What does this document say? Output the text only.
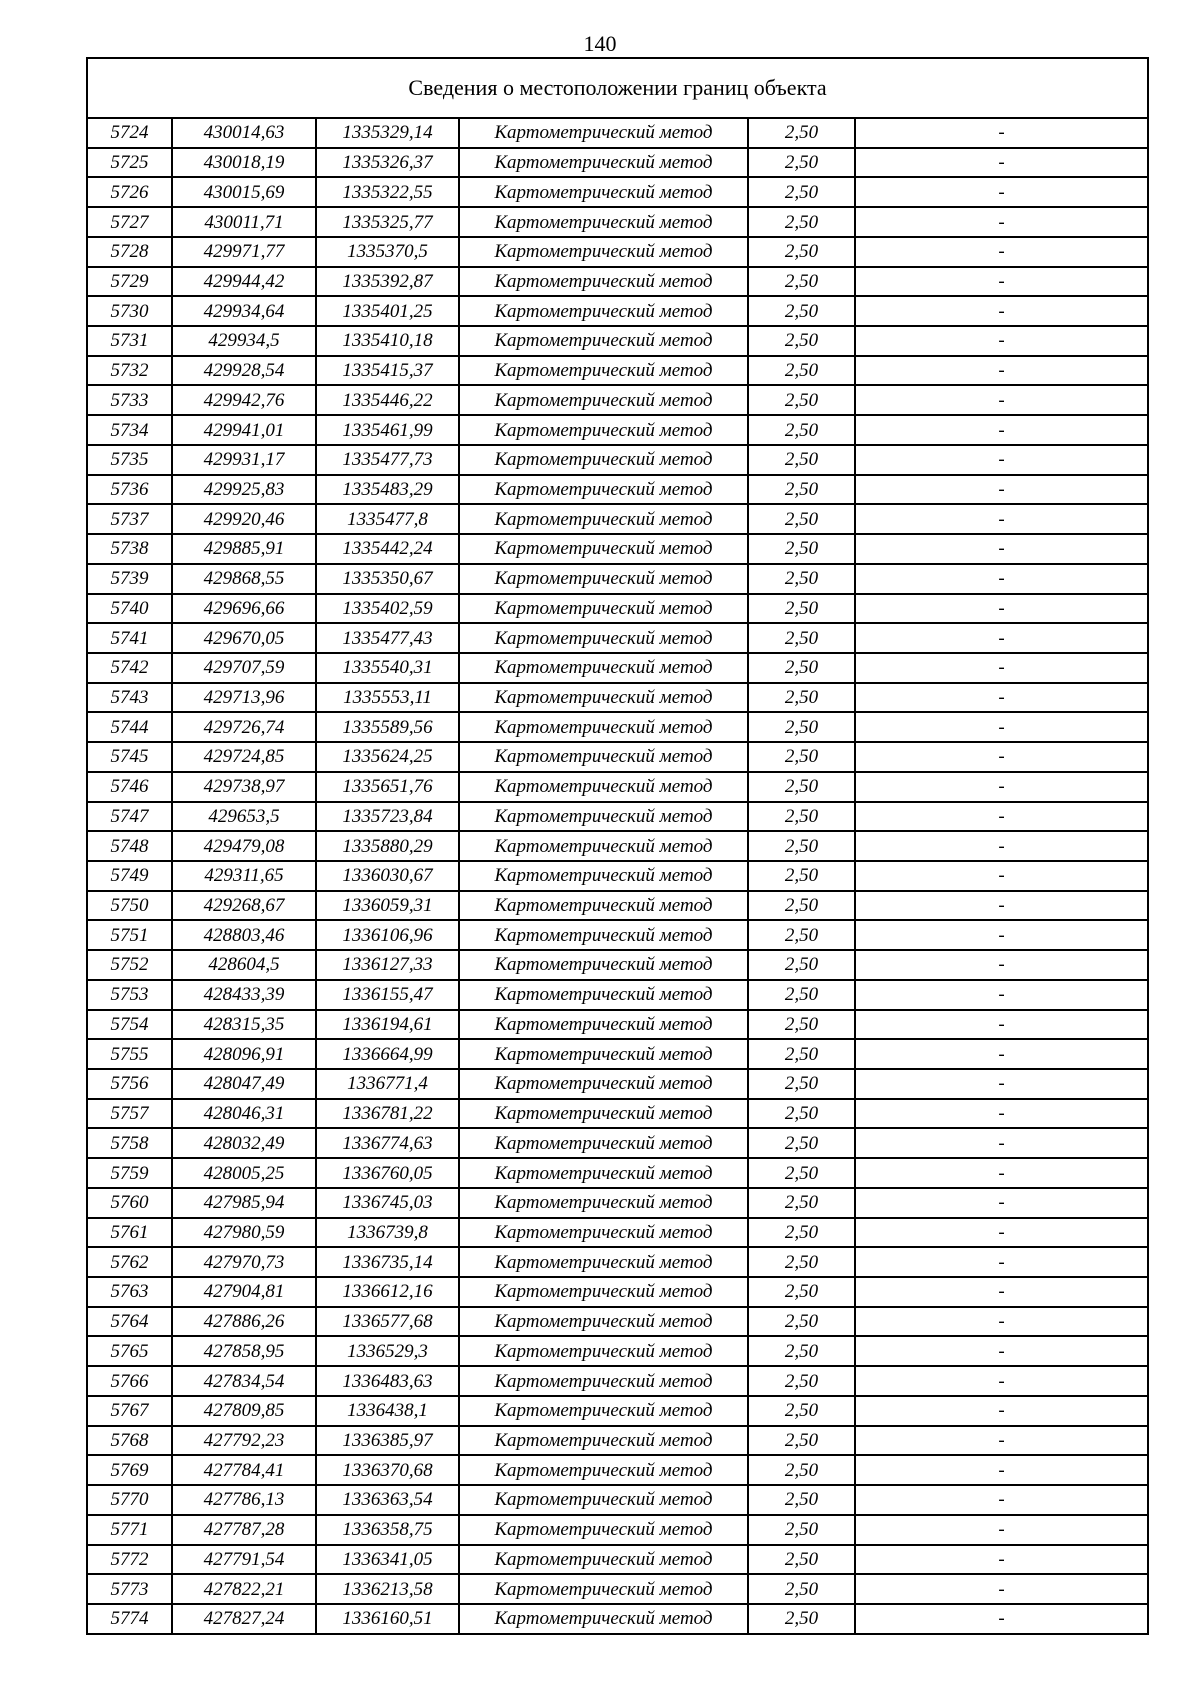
140
Сведения о местоположении границ объекта					
5724	430014,63	1335329,14	Картометрический метод	2,50	-
5725	430018,19	1335326,37	Картометрический метод	2,50	-
5726	430015,69	1335322,55	Картометрический метод	2,50	-
5727	430011,71	1335325,77	Картометрический метод	2,50	-
5728	429971,77	1335370,5	Картометрический метод	2,50	-
5729	429944,42	1335392,87	Картометрический метод	2,50	-
5730	429934,64	1335401,25	Картометрический метод	2,50	-
5731	429934,5	1335410,18	Картометрический метод	2,50	-
5732	429928,54	1335415,37	Картометрический метод	2,50	-
5733	429942,76	1335446,22	Картометрический метод	2,50	-
5734	429941,01	1335461,99	Картометрический метод	2,50	-
5735	429931,17	1335477,73	Картометрический метод	2,50	-
5736	429925,83	1335483,29	Картометрический метод	2,50	-
5737	429920,46	1335477,8	Картометрический метод	2,50	-
5738	429885,91	1335442,24	Картометрический метод	2,50	-
5739	429868,55	1335350,67	Картометрический метод	2,50	-
5740	429696,66	1335402,59	Картометрический метод	2,50	-
5741	429670,05	1335477,43	Картометрический метод	2,50	-
5742	429707,59	1335540,31	Картометрический метод	2,50	-
5743	429713,96	1335553,11	Картометрический метод	2,50	-
5744	429726,74	1335589,56	Картометрический метод	2,50	-
5745	429724,85	1335624,25	Картометрический метод	2,50	-
5746	429738,97	1335651,76	Картометрический метод	2,50	-
5747	429653,5	1335723,84	Картометрический метод	2,50	-
5748	429479,08	1335880,29	Картометрический метод	2,50	-
5749	429311,65	1336030,67	Картометрический метод	2,50	-
5750	429268,67	1336059,31	Картометрический метод	2,50	-
5751	428803,46	1336106,96	Картометрический метод	2,50	-
5752	428604,5	1336127,33	Картометрический метод	2,50	-
5753	428433,39	1336155,47	Картометрический метод	2,50	-
5754	428315,35	1336194,61	Картометрический метод	2,50	-
5755	428096,91	1336664,99	Картометрический метод	2,50	-
5756	428047,49	1336771,4	Картометрический метод	2,50	-
5757	428046,31	1336781,22	Картометрический метод	2,50	-
5758	428032,49	1336774,63	Картометрический метод	2,50	-
5759	428005,25	1336760,05	Картометрический метод	2,50	-
5760	427985,94	1336745,03	Картометрический метод	2,50	-
5761	427980,59	1336739,8	Картометрический метод	2,50	-
5762	427970,73	1336735,14	Картометрический метод	2,50	-
5763	427904,81	1336612,16	Картометрический метод	2,50	-
5764	427886,26	1336577,68	Картометрический метод	2,50	-
5765	427858,95	1336529,3	Картометрический метод	2,50	-
5766	427834,54	1336483,63	Картометрический метод	2,50	-
5767	427809,85	1336438,1	Картометрический метод	2,50	-
5768	427792,23	1336385,97	Картометрический метод	2,50	-
5769	427784,41	1336370,68	Картометрический метод	2,50	-
5770	427786,13	1336363,54	Картометрический метод	2,50	-
5771	427787,28	1336358,75	Картометрический метод	2,50	-
5772	427791,54	1336341,05	Картометрический метод	2,50	-
5773	427822,21	1336213,58	Картометрический метод	2,50	-
5774	427827,24	1336160,51	Картометрический метод	2,50	-
